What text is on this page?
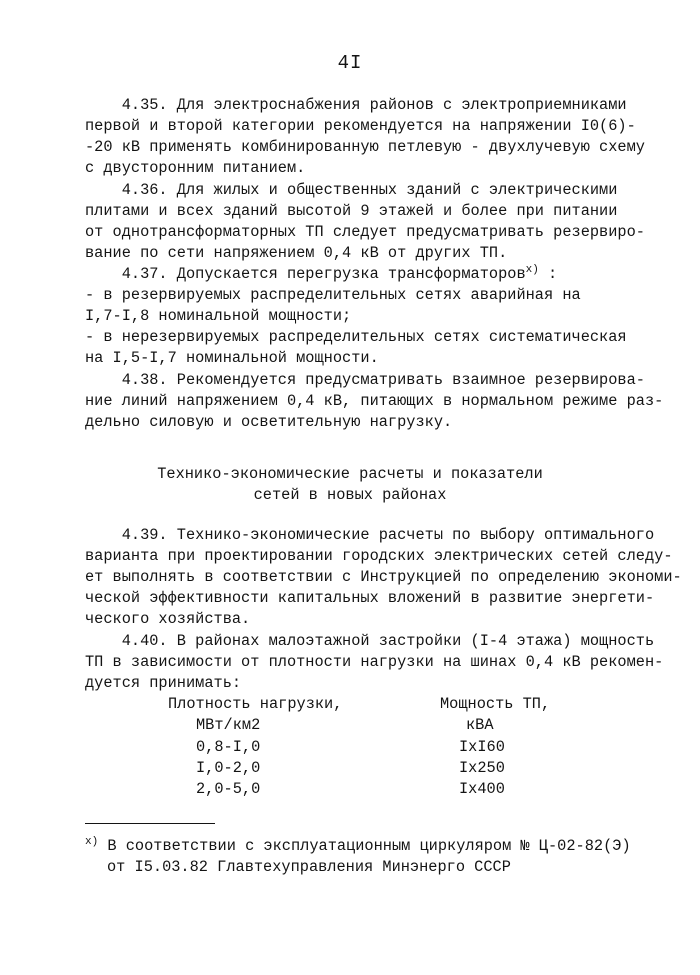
4I
4.35. Для электроснабжения районов с электроприемниками
первой и второй категории рекомендуется на напряжении I0(6)-
-20 кВ применять комбинированную петлевую - двухлучевую схему
с двусторонним питанием.
4.36. Для жилых и общественных зданий с электрическими
плитами и всех зданий высотой 9 этажей и более при питании
от однотрансформаторных ТП следует предусматривать резервиро-
вание по сети напряжением 0,4 кВ от других ТП.
4.37. Допускается перегрузка трансформаторов$^{x)}$ :
- в резервируемых распределительных сетях аварийная на
I,7-I,8 номинальной мощности;
- в нерезервируемых распределительных сетях систематическая
на I,5-I,7 номинальной мощности.
4.38. Рекомендуется предусматривать взаимное резервирова-
ние линий напряжением 0,4 кВ, питающих в нормальном режиме раз-
дельно силовую и осветительную нагрузку.
Технико-экономические расчеты и показатели
сетей в новых районах
4.39. Технико-экономические расчеты по выбору оптимального
варианта при проектировании городских электрических сетей следу-
ет выполнять в соответствии с Инструкцией по определению экономи-
ческой эффективности капитальных вложений в развитие энергети-
ческого хозяйства.
4.40. В районах малоэтажной застройки (I-4 этажа) мощность
ТП в зависимости от плотности нагрузки на шинах 0,4 кВ рекомен-
дуется принимать:
Плотность нагрузки,	Мощность ТП,
МВт/км2	кВА
0,8-I,0	IхI60
I,0-2,0	Iх250
2,0-5,0	Iх400
$^{x)}$ В соответствии с эксплуатационным циркуляром № Ц-02-82(Э)
от I5.03.82 Главтехуправления Минэнерго СССР
